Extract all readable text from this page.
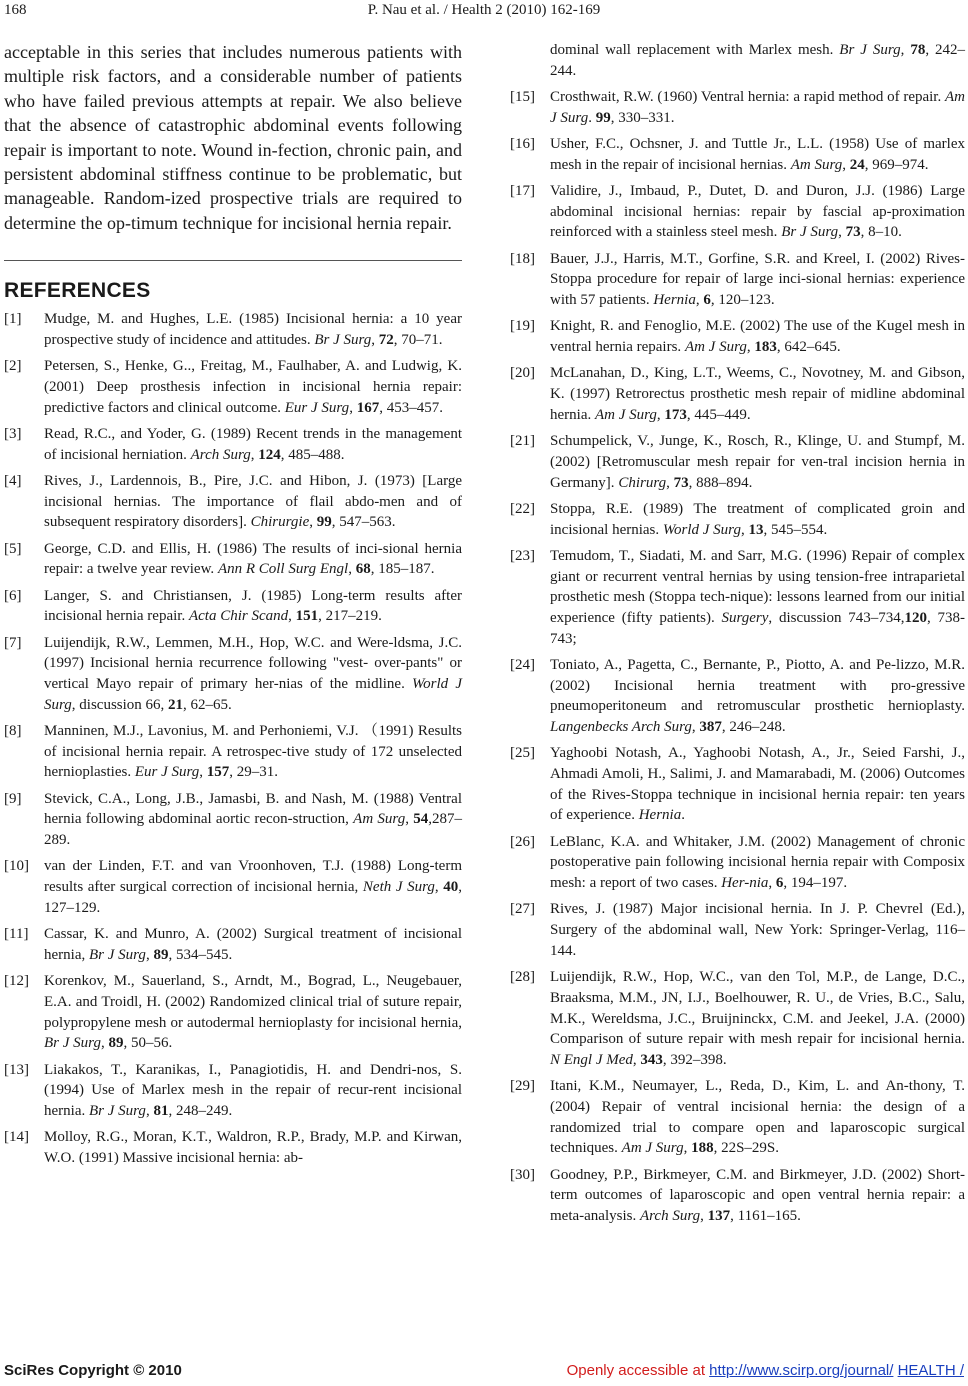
168	P. Nau et al. / Health 2 (2010) 162-169

acceptable in this series that includes numerous patients with multiple risk factors, and a considerable number of patients who have failed previous attempts at repair. We also believe that the absence of catastrophic abdominal events following repair is important to note. Wound in-fection, chronic pain, and persistent abdominal stiffness continue to be problematic, but manageable. Random-ized prospective trials are required to determine the op-timum technique for incisional hernia repair.

REFERENCES
[1]	Mudge, M. and Hughes, L.E. (1985) Incisional hernia: a 10 year prospective study of incidence and attitudes. Br J Surg, 72, 70–71.
[2]	Petersen, S., Henke, G.., Freitag, M., Faulhaber, A. and Ludwig, K. (2001) Deep prosthesis infection in incisional hernia repair: predictive factors and clinical outcome. Eur J Surg, 167, 453–457.
[3]	Read, R.C., and Yoder, G. (1989) Recent trends in the management of incisional herniation. Arch Surg, 124, 485–488.
[4]	Rives, J., Lardennois, B., Pire, J.C. and Hibon, J. (1973) [Large incisional hernias. The importance of flail abdo-men and of subsequent respiratory disorders]. Chirurgie, 99, 547–563.
[5]	George, C.D. and Ellis, H. (1986) The results of inci-sional hernia repair: a twelve year review. Ann R Coll Surg Engl, 68, 185–187.
[6]	Langer, S. and Christiansen, J. (1985) Long-term results after incisional hernia repair. Acta Chir Scand, 151, 217–219.
[7]	Luijendijk, R.W., Lemmen, M.H., Hop, W.C. and Were-ldsma, J.C. (1997) Incisional hernia recurrence following "vest- over-pants" or vertical Mayo repair of primary her-nias of the midline. World J Surg, discussion 66, 21, 62–65.
[8]	Manninen, M.J., Lavonius, M. and Perhoniemi, V.J. （1991) Results of incisional hernia repair. A retrospec-tive study of 172 unselected hernioplasties. Eur J Surg, 157, 29–31.
[9]	Stevick, C.A., Long, J.B., Jamasbi, B. and Nash, M. (1988) Ventral hernia following abdominal aortic recon-struction, Am Surg, 54,287–289.
[10]	van der Linden, F.T. and van Vroonhoven, T.J. (1988) Long-term results after surgical correction of incisional hernia, Neth J Surg, 40, 127–129.
[11]	Cassar, K. and Munro, A. (2002) Surgical treatment of incisional hernia, Br J Surg, 89, 534–545.
[12]	Korenkov, M., Sauerland, S., Arndt, M., Bograd, L., Neugebauer, E.A. and Troidl, H. (2002) Randomized clinical trial of suture repair, polypropylene mesh or autodermal hernioplasty for incisional hernia, Br J Surg, 89, 50–56.
[13]	Liakakos, T., Karanikas, I., Panagiotidis, H. and Dendri-nos, S. (1994) Use of Marlex mesh in the repair of recur-rent incisional hernia. Br J Surg, 81, 248–249.
[14]	Molloy, R.G., Moran, K.T., Waldron, R.P., Brady, M.P. and Kirwan, W.O. (1991) Massive incisional hernia: ab-

dominal wall replacement with Marlex mesh. Br J Surg, 78, 242–244.

[15]	Crosthwait, R.W. (1960) Ventral hernia: a rapid method of repair. Am J Surg. 99, 330–331.
[16]	Usher, F.C., Ochsner, J. and Tuttle Jr., L.L. (1958) Use of marlex mesh in the repair of incisional hernias. Am Surg, 24, 969–974.
[17]	Validire, J., Imbaud, P., Dutet, D. and Duron, J.J. (1986) Large abdominal incisional hernias: repair by fascial ap-proximation reinforced with a stainless steel mesh. Br J Surg, 73, 8–10.
[18]	Bauer, J.J., Harris, M.T., Gorfine, S.R. and Kreel, I. (2002) Rives-Stoppa procedure for repair of large inci-sional hernias: experience with 57 patients. Hernia, 6, 120–123.
[19]	Knight, R. and Fenoglio, M.E. (2002) The use of the Kugel mesh in ventral hernia repairs. Am J Surg, 183, 642–645.
[20]	McLanahan, D., King, L.T., Weems, C., Novotney, M. and Gibson, K. (1997) Retrorectus prosthetic mesh repair of midline abdominal hernia. Am J Surg, 173, 445–449.
[21]	Schumpelick, V., Junge, K., Rosch, R., Klinge, U. and Stumpf, M. (2002) [Retromuscular mesh repair for ven-tral incision hernia in Germany]. Chirurg, 73, 888–894.
[22]	Stoppa, R.E. (1989) The treatment of complicated groin and incisional hernias. World J Surg, 13, 545–554.
[23]	Temudom, T., Siadati, M. and Sarr, M.G. (1996) Repair of complex giant or recurrent ventral hernias by using tension-free intraparietal prosthetic mesh (Stoppa tech-nique): lessons learned from our initial experience (fifty patients). Surgery, discussion 743–734,120, 738-743;
[24]	Toniato, A., Pagetta, C., Bernante, P., Piotto, A. and Pe-lizzo, M.R. (2002) Incisional hernia treatment with pro-gressive pneumoperitoneum and retromuscular prosthetic hernioplasty. Langenbecks Arch Surg, 387, 246–248.
[25]	Yaghoobi Notash, A., Yaghoobi Notash, A., Jr., Seied Farshi, J., Ahmadi Amoli, H., Salimi, J. and Mamarabadi, M. (2006) Outcomes of the Rives-Stoppa technique in incisional hernia repair: ten years of experience. Hernia.
[26]	LeBlanc, K.A. and Whitaker, J.M. (2002) Management of chronic postoperative pain following incisional hernia repair with Composix mesh: a report of two cases. Her-nia, 6, 194–197.
[27]	Rives, J. (1987) Major incisional hernia. In J. P. Chevrel (Ed.), Surgery of the abdominal wall, New York: Springer-Verlag, 116–144.
[28]	Luijendijk, R.W., Hop, W.C., van den Tol, M.P., de Lange, D.C., Braaksma, M.M., JN, I.J., Boelhouwer, R. U., de Vries, B.C., Salu, M.K., Wereldsma, J.C., Bruijninckx, C.M. and Jeekel, J.A. (2000) Comparison of suture repair with mesh repair for incisional hernia. N Engl J Med, 343, 392–398.
[29]	Itani, K.M., Neumayer, L., Reda, D., Kim, L. and An-thony, T. (2004) Repair of ventral incisional hernia: the design of a randomized trial to compare open and laparoscopic surgical techniques. Am J Surg, 188, 22S–29S.
[30]	Goodney, P.P., Birkmeyer, C.M. and Birkmeyer, J.D. (2002) Short-term outcomes of laparoscopic and open ventral hernia repair: a meta-analysis. Arch Surg, 137, 1161–165.
SciRes Copyright © 2010	Openly accessible at http://www.scirp.org/journal/ HEALTH /
